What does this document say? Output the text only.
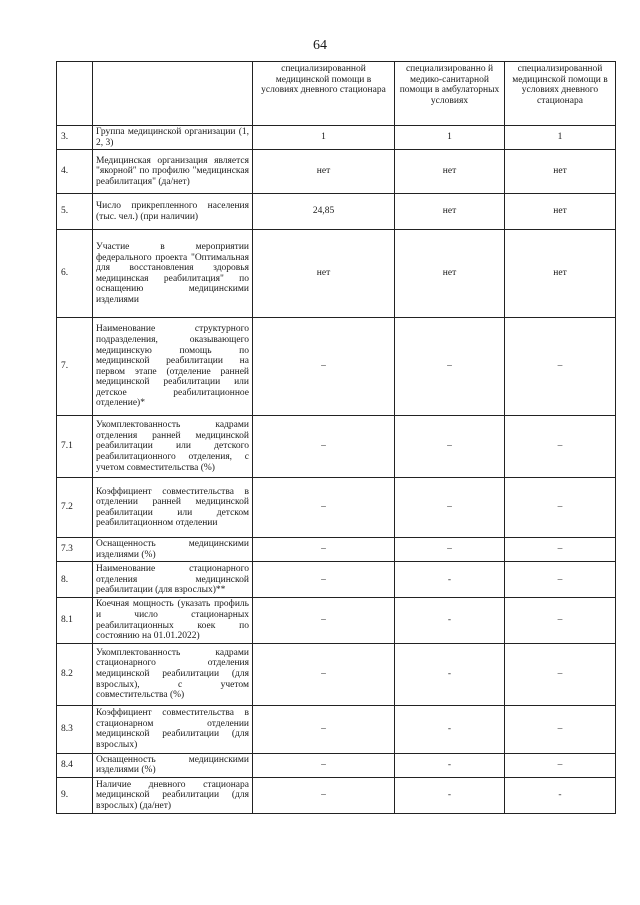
64
		специализированной медицинской помощи в условиях дневного стационара	специализированно й медико-санитарной помощи в амбулаторных условиях	специализированной медицинской помощи в условиях дневного стационара
3.	Группа медицинской организации (1, 2, 3)	1	1	1
4.	Медицинская организация является "якорной" по профилю "медицинская реабилитация" (да/нет)	нет	нет	нет
5.	Число прикрепленного населения (тыс. чел.) (при наличии)	24,85	нет	нет
6.	Участие в мероприятии федерального проекта "Оптимальная для восстановления здоровья медицинская реабилитация" по оснащению медицинскими изделиями	нет	нет	нет
7.	Наименование структурного подразделения, оказывающего медицинскую помощь по медицинской реабилитации на первом этапе (отделение ранней медицинской реабилитации или детское реабилитационное отделение)*	–	–	–
7.1	Укомплектованность кадрами отделения ранней медицинской реабилитации или детского реабилитационного отделения, с учетом совместительства (%)	–	–	–
7.2	Коэффициент совместительства в отделении ранней медицинской реабилитации или детском реабилитационном отделении	–	–	–
7.3	Оснащенность медицинскими изделиями (%)	–	–	–
8.	Наименование стационарного отделения медицинской реабилитации (для взрослых)**	–	-	–
8.1	Коечная мощность (указать профиль и число стационарных реабилитационных коек по состоянию на 01.01.2022)	–	-	–
8.2	Укомплектованность кадрами стационарного отделения медицинской реабилитации (для взрослых), с учетом совместительства (%)	–	-	–
8.3	Коэффициент совместительства в стационарном отделении медицинской реабилитации (для взрослых)	–	-	–
8.4	Оснащенность медицинскими изделиями (%)	–	-	–
9.	Наличие дневного стационара медицинской реабилитации (для взрослых) (да/нет)	–	-	-
